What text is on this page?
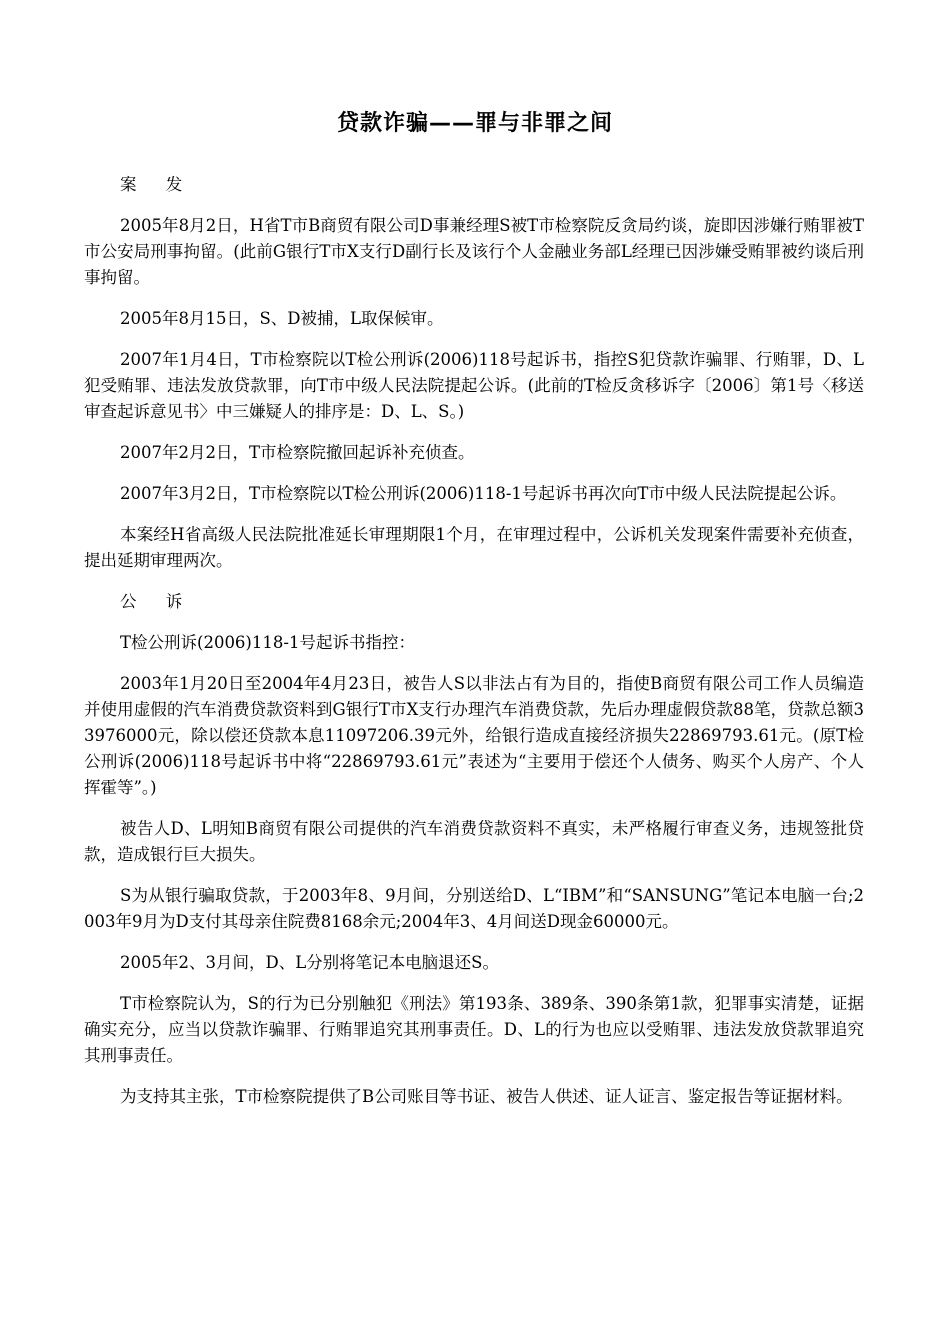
贷款诈骗——罪与非罪之间

案 发

2005年8月2日，H省T市B商贸有限公司D事兼经理S被T市检察院反贪局约谈，旋即因涉嫌行贿罪被T市公安局刑事拘留。(此前G银行T市X支行D副行长及该行个人金融业务部L经理已因涉嫌受贿罪被约谈后刑事拘留。

2005年8月15日，S、D被捕，L取保候审。

2007年1月4日，T市检察院以T检公刑诉(2006)118号起诉书，指控S犯贷款诈骗罪、行贿罪，D、L犯受贿罪、违法发放贷款罪，向T市中级人民法院提起公诉。(此前的T检反贪移诉字〔2006〕第1号〈移送审查起诉意见书〉中三嫌疑人的排序是：D、L、S。)

2007年2月2日，T市检察院撤回起诉补充侦查。

2007年3月2日，T市检察院以T检公刑诉(2006)118-1号起诉书再次向T市中级人民法院提起公诉。

本案经H省高级人民法院批准延长审理期限1个月，在审理过程中，公诉机关发现案件需要补充侦查，提出延期审理两次。

公 诉

T检公刑诉(2006)118-1号起诉书指控：

2003年1月20日至2004年4月23日，被告人S以非法占有为目的，指使B商贸有限公司工作人员编造并使用虚假的汽车消费贷款资料到G银行T市X支行办理汽车消费贷款，先后办理虚假贷款88笔，贷款总额33976000元，除以偿还贷款本息11097206.39元外，给银行造成直接经济损失22869793.61元。(原T检公刑诉(2006)118号起诉书中将“22869793.61元”表述为“主要用于偿还个人债务、购买个人房产、个人挥霍等”。)

被告人D、L明知B商贸有限公司提供的汽车消费贷款资料不真实，未严格履行审查义务，违规签批贷款，造成银行巨大损失。

S为从银行骗取贷款，于2003年8、9月间，分别送给D、L“IBM”和“SANSUNG”笔记本电脑一台;2003年9月为D支付其母亲住院费8168余元;2004年3、4月间送D现金60000元。

2005年2、3月间，D、L分别将笔记本电脑退还S。

T市检察院认为，S的行为已分别触犯《刑法》第193条、389条、390条第1款，犯罪事实清楚，证据确实充分，应当以贷款诈骗罪、行贿罪追究其刑事责任。D、L的行为也应以受贿罪、违法发放贷款罪追究其刑事责任。

为支持其主张，T市检察院提供了B公司账目等书证、被告人供述、证人证言、鉴定报告等证据材料。
